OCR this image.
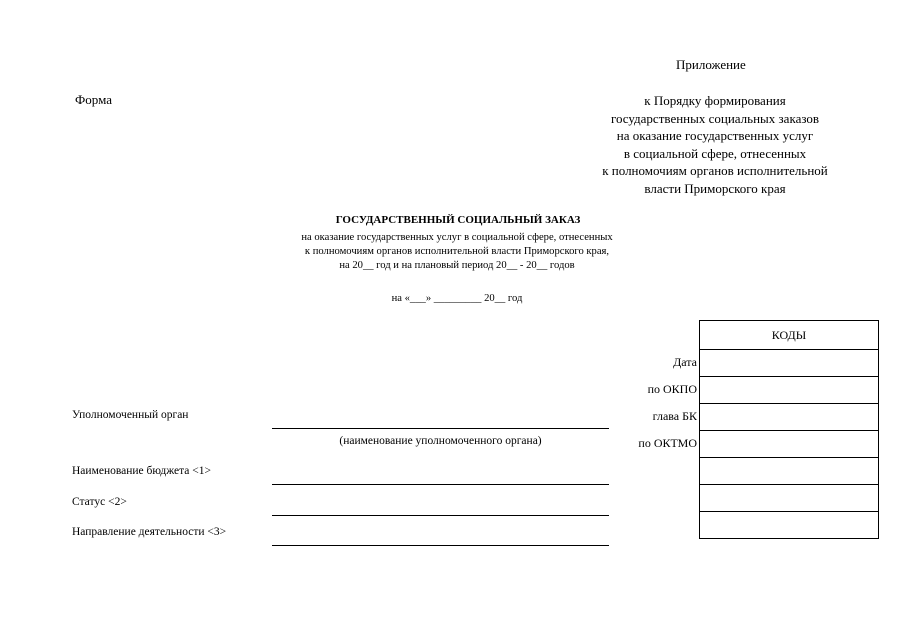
Приложение
Форма	к Порядку формирования
государственных социальных заказов
на оказание государственных услуг
в социальной сфере, отнесенных
к полномочиям органов исполнительной
власти Приморского края
ГОСУДАРСТВЕННЫЙ СОЦИАЛЬНЫЙ ЗАКАЗ
на оказание государственных услуг в социальной сфере, отнесенных
к полномочиям органов исполнительной власти Приморского края,
на 20__ год и на плановый период 20__ - 20__ годов
на «___» _________ 20__ год
КОДЫ

Дата
по ОКПО
глава БК
по ОКТМО
Уполномоченный орган
(наименование уполномоченного органа)
Наименование бюджета <1>
Статус <2>
Направление деятельности <3>
